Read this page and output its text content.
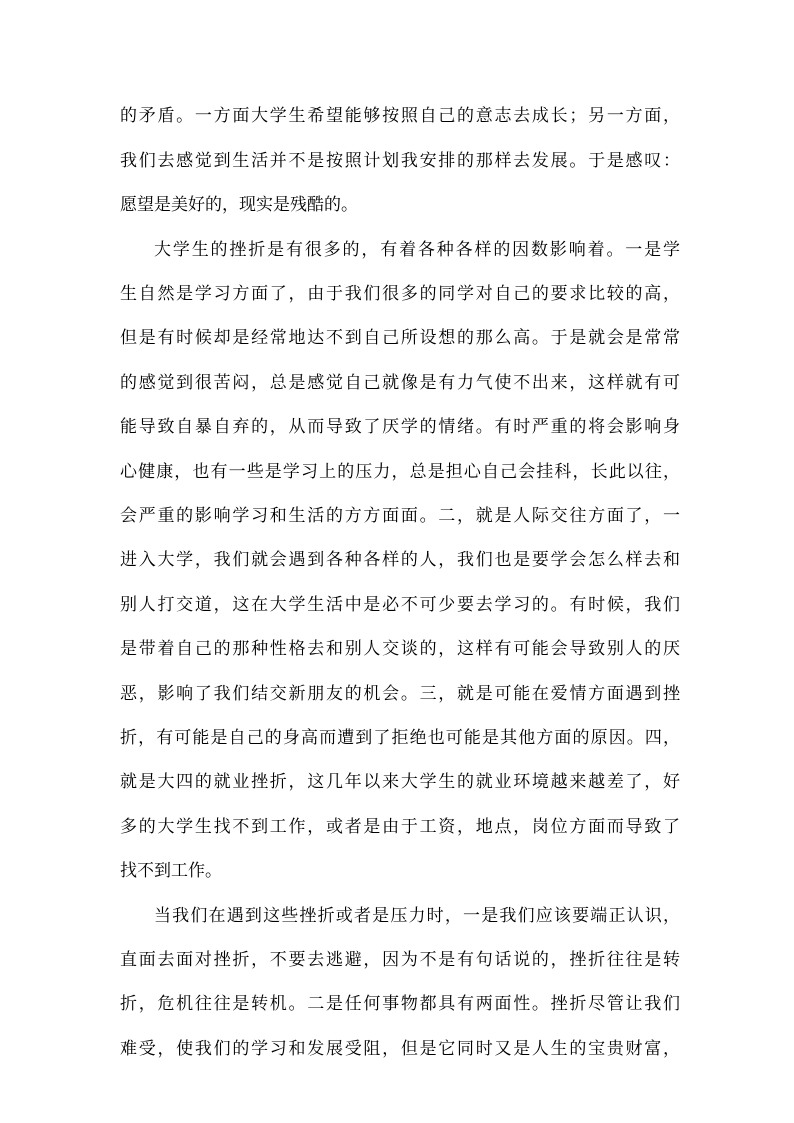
的矛盾。一方面大学生希望能够按照自己的意志去成长；另一方面，
我们去感觉到生活并不是按照计划我安排的那样去发展。于是感叹：
愿望是美好的，现实是残酷的。
大学生的挫折是有很多的，有着各种各样的因数影响着。一是学
生自然是学习方面了，由于我们很多的同学对自己的要求比较的高，
但是有时候却是经常地达不到自己所设想的那么高。于是就会是常常
的感觉到很苦闷，总是感觉自己就像是有力气使不出来，这样就有可
能导致自暴自弃的，从而导致了厌学的情绪。有时严重的将会影响身
心健康，也有一些是学习上的压力，总是担心自己会挂科，长此以往，
会严重的影响学习和生活的方方面面。二，就是人际交往方面了，一
进入大学，我们就会遇到各种各样的人，我们也是要学会怎么样去和
别人打交道，这在大学生活中是必不可少要去学习的。有时候，我们
是带着自己的那种性格去和别人交谈的，这样有可能会导致别人的厌
恶，影响了我们结交新朋友的机会。三，就是可能在爱情方面遇到挫
折，有可能是自己的身高而遭到了拒绝也可能是其他方面的原因。四，
就是大四的就业挫折，这几年以来大学生的就业环境越来越差了，好
多的大学生找不到工作，或者是由于工资，地点，岗位方面而导致了
找不到工作。
当我们在遇到这些挫折或者是压力时，一是我们应该要端正认识，
直面去面对挫折，不要去逃避，因为不是有句话说的，挫折往往是转
折，危机往往是转机。二是任何事物都具有两面性。挫折尽管让我们
难受，使我们的学习和发展受阻，但是它同时又是人生的宝贵财富，
